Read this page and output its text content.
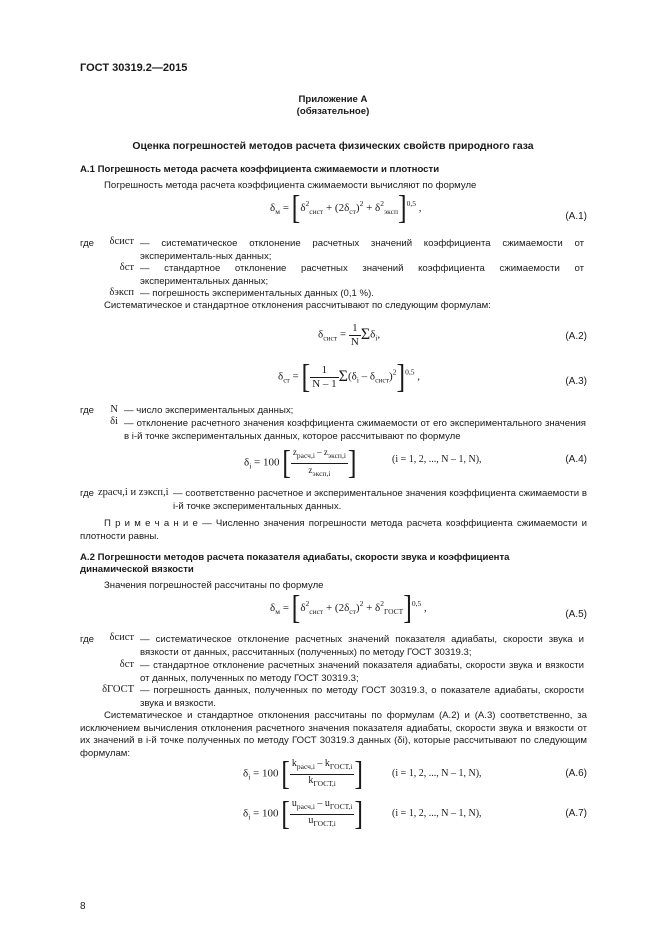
ГОСТ 30319.2—2015
Приложение А
(обязательное)
Оценка погрешностей методов расчета физических свойств природного газа
А.1 Погрешность метода расчета коэффициента сжимаемости и плотности
Погрешность метода расчета коэффициента сжимаемости вычисляют по формуле
$\delta_м = [\delta^2_{сист} + (2\delta_{ст})^2 + \delta^2_{эксп}]^{0,5}$ ,
(А.1)
где	δсист — систематическое отклонение расчетных значений коэффициента сжимаемости от эксперименталь-ных данных;
δст — стандартное отклонение расчетных значений коэффициента сжимаемости от экспериментальных данных;
δэксп — погрешность экспериментальных данных (0,1 %).
Систематическое и стандартное отклонения рассчитывают по следующим формулам:
$\delta_{сист} = \frac{1}{N} \Sigma\delta_i$,	(А.2)
$\delta_{ст}$ = [ $\frac{1}{N - 1} \Sigma(\delta_i - \delta_{сист})^2]^{0,5}$ ,	(А.3)
где	N — число экспериментальных данных;
δi — отклонение расчетного значения коэффициента сжимаемости от его экспериментального значения в i-й точке экспериментальных данных, которое рассчитывают по формуле
$\delta_i = 100$ [ $\frac{z_{расч,i} - z_{эксп,i}}{z_{эксп,i}}$ ]	(i = 1, 2, ..., N – 1, N),	(А.4)
где zрасч,i и zэксп,i — соответственно расчетное и экспериментальное значения коэффициента сжимаемости в i-й точке экспериментальных данных.
П р и м е ч а н и е — Численно значения погрешности метода расчета коэффициента сжимаемости и плотности равны.
А.2 Погрешности методов расчета показателя адиабаты, скорости звука и коэффициента
динамической вязкости
Значения погрешностей рассчитаны по формуле
$\delta_м = [\delta^2_{сист} + (2\delta_{ст})^2 + \delta^2_{ГОСТ}]^{0,5}$ ,
(А.5)
где	δсист — систематическое отклонение расчетных значений показателя адиабаты, скорости звука и вязкости от данных, рассчитанных (полученных) по методу ГОСТ 30319.3;
δст — стандартное отклонение расчетных значений показателя адиабаты, скорости звука и вязкости от данных, полученных по методу ГОСТ 30319.3;
δГОСТ — погрешность данных, полученных по методу ГОСТ 30319.3, о показателе адиабаты, скорости звука и вязкости.
Систематическое и стандартное отклонения рассчитаны по формулам (А.2) и (А.3) соответственно, за исключением вычисления отклонения расчетного значения показателя адиабаты, скорости звука и вязкости от их значений в i-й точке полученных по методу ГОСТ 30319.3 данных (δi), которые рассчитывают по следующим формулам:
$\delta_i = 100$ [ $\frac{k_{расч,i} - k_{ГОСТ,i}}{k_{ГОСТ,i}}$ ]	(i = 1, 2, ..., N – 1, N),	(А.6)
$\delta_i = 100$ [ $\frac{u_{расч,i} - u_{ГОСТ,i}}{u_{ГОСТ,i}}$ ]	(i = 1, 2, ..., N – 1, N),	(А.7)
8
